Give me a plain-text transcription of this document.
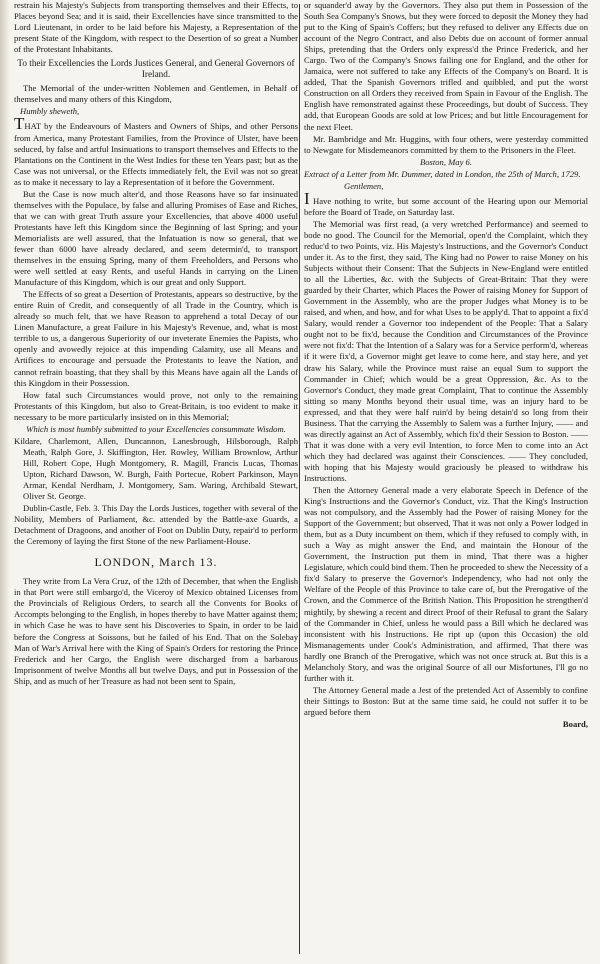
restrain his Majesty's Subjects from transporting themselves and their Effects, to Places beyond Sea; and it is said, their Excellencies have since transmitted to the Lord Lieutenant, in order to be laid before his Majesty, a Representation of the present State of the Kingdom, with respect to the Desertion of so great a Number of the Protestant Inhabitants.

To their Excellencies the Lords Justices General, and General Governors of Ireland.

The Memorial of the under-written Noblemen and Gentlemen, in Behalf of themselves and many others of this Kingdom,

Humbly sheweth,

THAT by the Endeavours of Masters and Owners of Ships, and other Persons from America, many Protestant Families, from the Province of Ulster, have been seduced, by false and artful Insinuations to transport themselves and Effects to the Plantations on the Continent in the West Indies for these ten Years past; but as the Case was not universal, or the Effects immediately felt, the Evil was not so great as to make it necessary to lay a Representation of it before the Government.

But the Case is now much alter'd, and those Reasons have so far insinuated themselves with the Populace, by false and alluring Promises of Ease and Riches, that we can with great Truth assure your Excellencies, that above 4000 useful Protestants have left this Kingdom since the Beginning of last Spring; and your Memorialists are well assured, that the Infatuation is now so general, that we fewer than 6000 have already declared, and seem determin'd, to transport themselves in the ensuing Spring, many of them Freeholders, and Persons who were well settled at easy Rents, and useful Hands in carrying on the Linen Manufacture of this Kingdom, which is our great and only Support.

The Effects of so great a Desertion of Protestants, appears so destructive, by the entire Ruin of Credit, and consequently of all Trade in the Country, which is already so much felt, that we have Reason to apprehend a total Decay of our Linen Manufacture, a great Failure in his Majesty's Revenue, and, what is most terrible to us, a dangerous Superiority of our inveterate Enemies the Papists, who openly and avowedly rejoice at this impending Calamity, use all Means and Artifices to encourage and persuade the Protestants to leave the Nation, and cannot refrain boasting, that they shall by this Means have again all the Lands of this Kingdom in their Possession.

How fatal such Circumstances would prove, not only to the remaining Protestants of this Kingdom, but also to Great-Britain, is too evident to make it necessary to be more particularly insisted on in this Memorial;

Which is most humbly submitted to your Excellencies consummate Wisdom.

Kildare, Charlemont, Allen, Duncannon, Lanesbrough, Hilsborough, Ralph Meath, Ralph Gore, J. Skiffington, Her. Rowley, William Brownlow, Arthur Hill, Robert Cope, Hugh Montgomery, R. Magill, Francis Lucas, Thomas Upton, Richard Dawson, W. Burgh, Faith Portecue, Robert Parkinson, Mayn Armar, Kendal Nerdham, J. Montgomery, Sam. Waring, Archibald Stewart, Oliver St. George.

Dublin-Castle, Feb. 3. This Day the Lords Justices, together with several of the Nobility, Members of Parliament, &c. attended by the Battle-axe Guards, a Detachment of Dragoons, and another of Foot on Dublin Duty, repair'd to perform the Ceremony of laying the first Stone of the new Parliament-House.

LONDON, March 13.

They write from La Vera Cruz, of the 12th of December, that when the English in that Port were still embargo'd, the Viceroy of Mexico obtained Licenses from the Provincials of Religious Orders, to search all the Convents for Books of Accompts belonging to the English, in hopes thereby to have Matter against them; in which Case he was to have sent his Discoveries to Spain, in order to be laid before the Congress at Soissons, but he failed of his End. That on the Solebay Man of War's Arrival here with the King of Spain's Orders for restoring the Prince Frederick and her Cargo, the English were discharged from a barbarous Imprisonment of twelve Months all but twelve Days, and put in Possession of the Ship, and as much of her Treasure as had not been sent to Spain,

or squander'd away by the Governors. They also put them in Possession of the South Sea Company's Snows, but they were forced to deposit the Money they had put to the King of Spain's Coffers; but they refused to deliver any Effects due on account of the Negro Contract, and also Debts due on account of former annual Ships, pretending that the Orders only express'd the Prince Frederick, and her Cargo. Two of the Company's Snows failing one for England, and the other for Jamaica, were not suffered to take any Effects of the Company's on Board. It is added, That the Spanish Governors trifled and quibbled, and put the worst Construction on all Orders they received from Spain in Favour of the English. The English have remonstrated against these Proceedings, but doubt of Success. They add, that European Goods are sold at low Prices; and but little Encouragement for the next Fleet.

Mr. Bambridge and Mr. Huggins, with four others, were yesterday committed to Newgate for Misdemeanors committed by them to the Prisoners in the Fleet.

Boston, May 6.

Extract of a Letter from Mr. Dummer, dated in London, the 25th of March, 1729.

Gentlemen,

I Have nothing to write, but some account of the Hearing upon our Memorial before the Board of Trade, on Saturday last.

The Memorial was first read, (a very wretched Performance) and seemed to bode no good. The Council for the Memorial, open'd the Complaint, which they reduc'd to two Points, viz. His Majesty's Instructions, and the Governor's Conduct under it. As to the first, they said, The King had no Power to raise Money on his Subjects without their Consent: That the Subjects in New-England were entitled to all the Liberties, &c. with the Subjects of Great-Britain: That they were guarded by their Charter, which Places the Power of raising Money for Support of Government in the Assembly, who are the proper Judges what Money is to be raised, and when, and how, and for what Uses to be apply'd. That to appoint a fix'd Salary, would render a Governor too independent of the People: That a Salary ought not to be fix'd, because the Condition and Circumstances of the Province were not fix'd: That the Intention of a Salary was for a Service perform'd, whereas if it were fix'd, a Governor might get leave to come here, and stay here, and yet draw his Salary, while the Province must raise an equal Sum to support the Commander in Chief; which would be a great Oppression, &c. As to the Governor's Conduct, they made great Complaint, That to continue the Assembly sitting so many Months beyond their usual time, was an injury hard to be expressed, and that they were half ruin'd by being detain'd so long from their Business. That the carrying the Assembly to Salem was a further Injury, —— and was directly against an Act of Assembly, which fix'd their Session to Boston. —— That it was done with a very evil Intention, to force Men to come into an Act which they had declared was against their Consciences. —— They concluded, with hoping that his Majesty would graciously be pleased to withdraw his Instructions.

Then the Attorney General made a very elaborate Speech in Defence of the King's Instructions and the Governor's Conduct, viz. That the King's Instruction was not compulsory, and the Assembly had the Power of raising Money for the Support of the Government; but observed, That it was not only a Power lodged in them, but as a Duty incumbent on them, which if they refused to comply with, in such a Way as might answer the End, and maintain the Honour of the Government, the Instruction put them in mind, That there was a higher Legislature, which could bind them. Then he proceeded to shew the Necessity of a fix'd Salary to preserve the Governor's Independency, who had not only the Welfare of the People of this Province to take care of, but the Prerogative of the Crown, and the Commerce of the British Nation. This Proposition he strengthen'd mightily, by shewing a recent and direct Proof of their Refusal to grant the Salary of the Commander in Chief, unless he would pass a Bill which he declared was inconsistent with his Instructions. He ript up (upon this Occasion) the old Mismanagements under Cook's Administration, and affirmed, That there was hardly one Branch of the Prerogative, which was not once struck at. But this is a Melancholy Story, and was the original Source of all our Misfortunes, I'll go no further with it.

The Attorney General made a Jest of the pretended Act of Assembly to confine their Sittings to Boston: But at the same time said, he could not suffer it to be argued before them

Board,
